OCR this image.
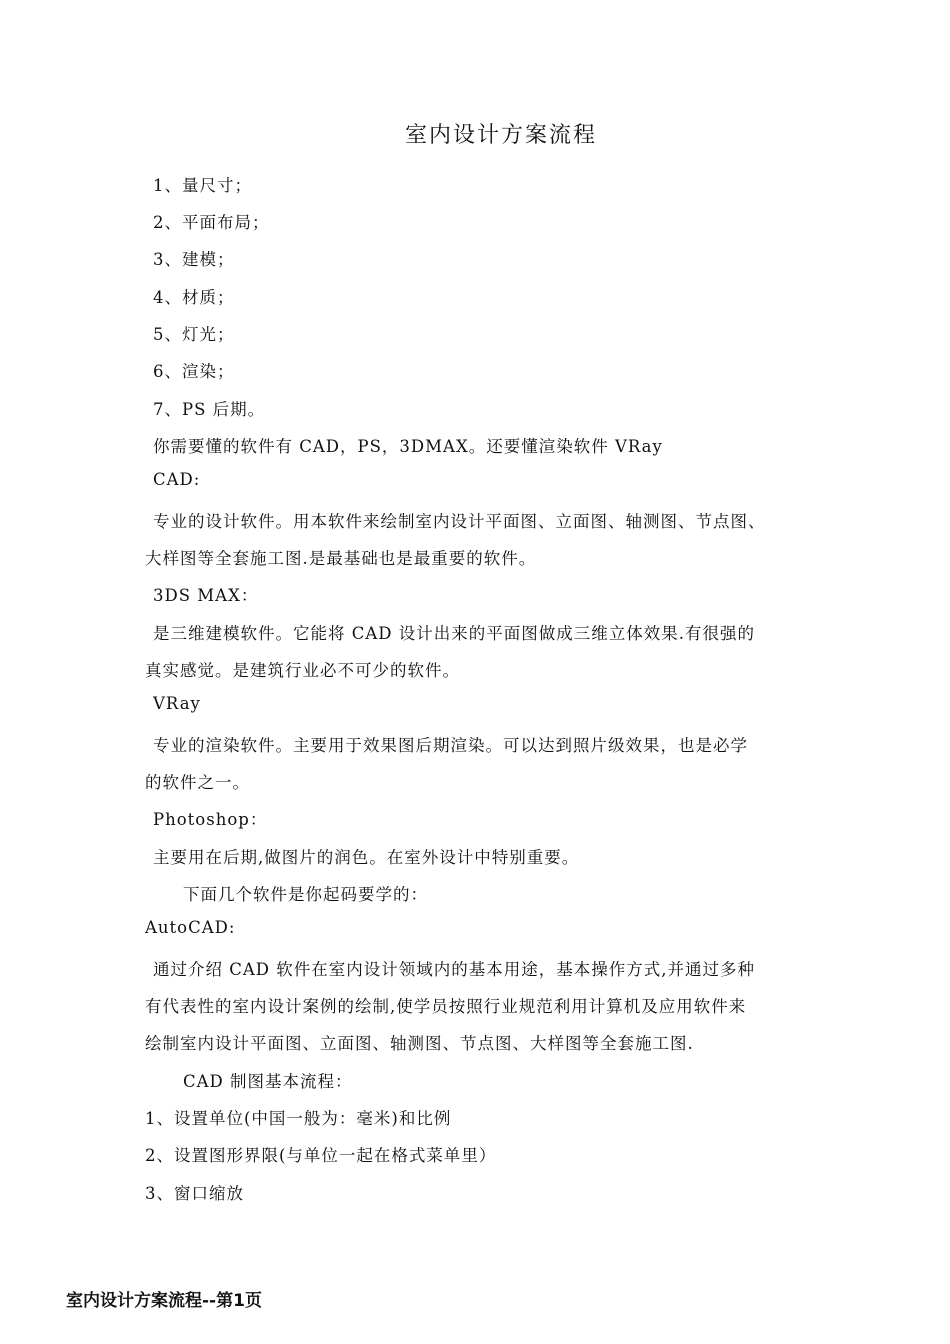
室内设计方案流程
1、量尺寸；
2、平面布局；
3、建模；
4、材质；
5、灯光；
6、渲染；
7、PS 后期。
你需要懂的软件有 CAD，PS，3DMAX。还要懂渲染软件 VRay
CAD:
专业的设计软件。用本软件来绘制室内设计平面图、立面图、轴测图、节点图、
大样图等全套施工图.是最基础也是最重要的软件。
3DS MAX：
是三维建模软件。它能将 CAD 设计出来的平面图做成三维立体效果.有很强的
真实感觉。是建筑行业必不可少的软件。
VRay
专业的渲染软件。主要用于效果图后期渲染。可以达到照片级效果，也是必学
的软件之一。
Photoshop：
主要用在后期,做图片的润色。在室外设计中特别重要。
下面几个软件是你起码要学的：
AutoCAD:
通过介绍 CAD 软件在室内设计领域内的基本用途，基本操作方式,并通过多种
有代表性的室内设计案例的绘制,使学员按照行业规范利用计算机及应用软件来
绘制室内设计平面图、立面图、轴测图、节点图、大样图等全套施工图.
CAD 制图基本流程：
1、设置单位(中国一般为：毫米)和比例
2、设置图形界限(与单位一起在格式菜单里）
3、窗口缩放
室内设计方案流程--第1页
